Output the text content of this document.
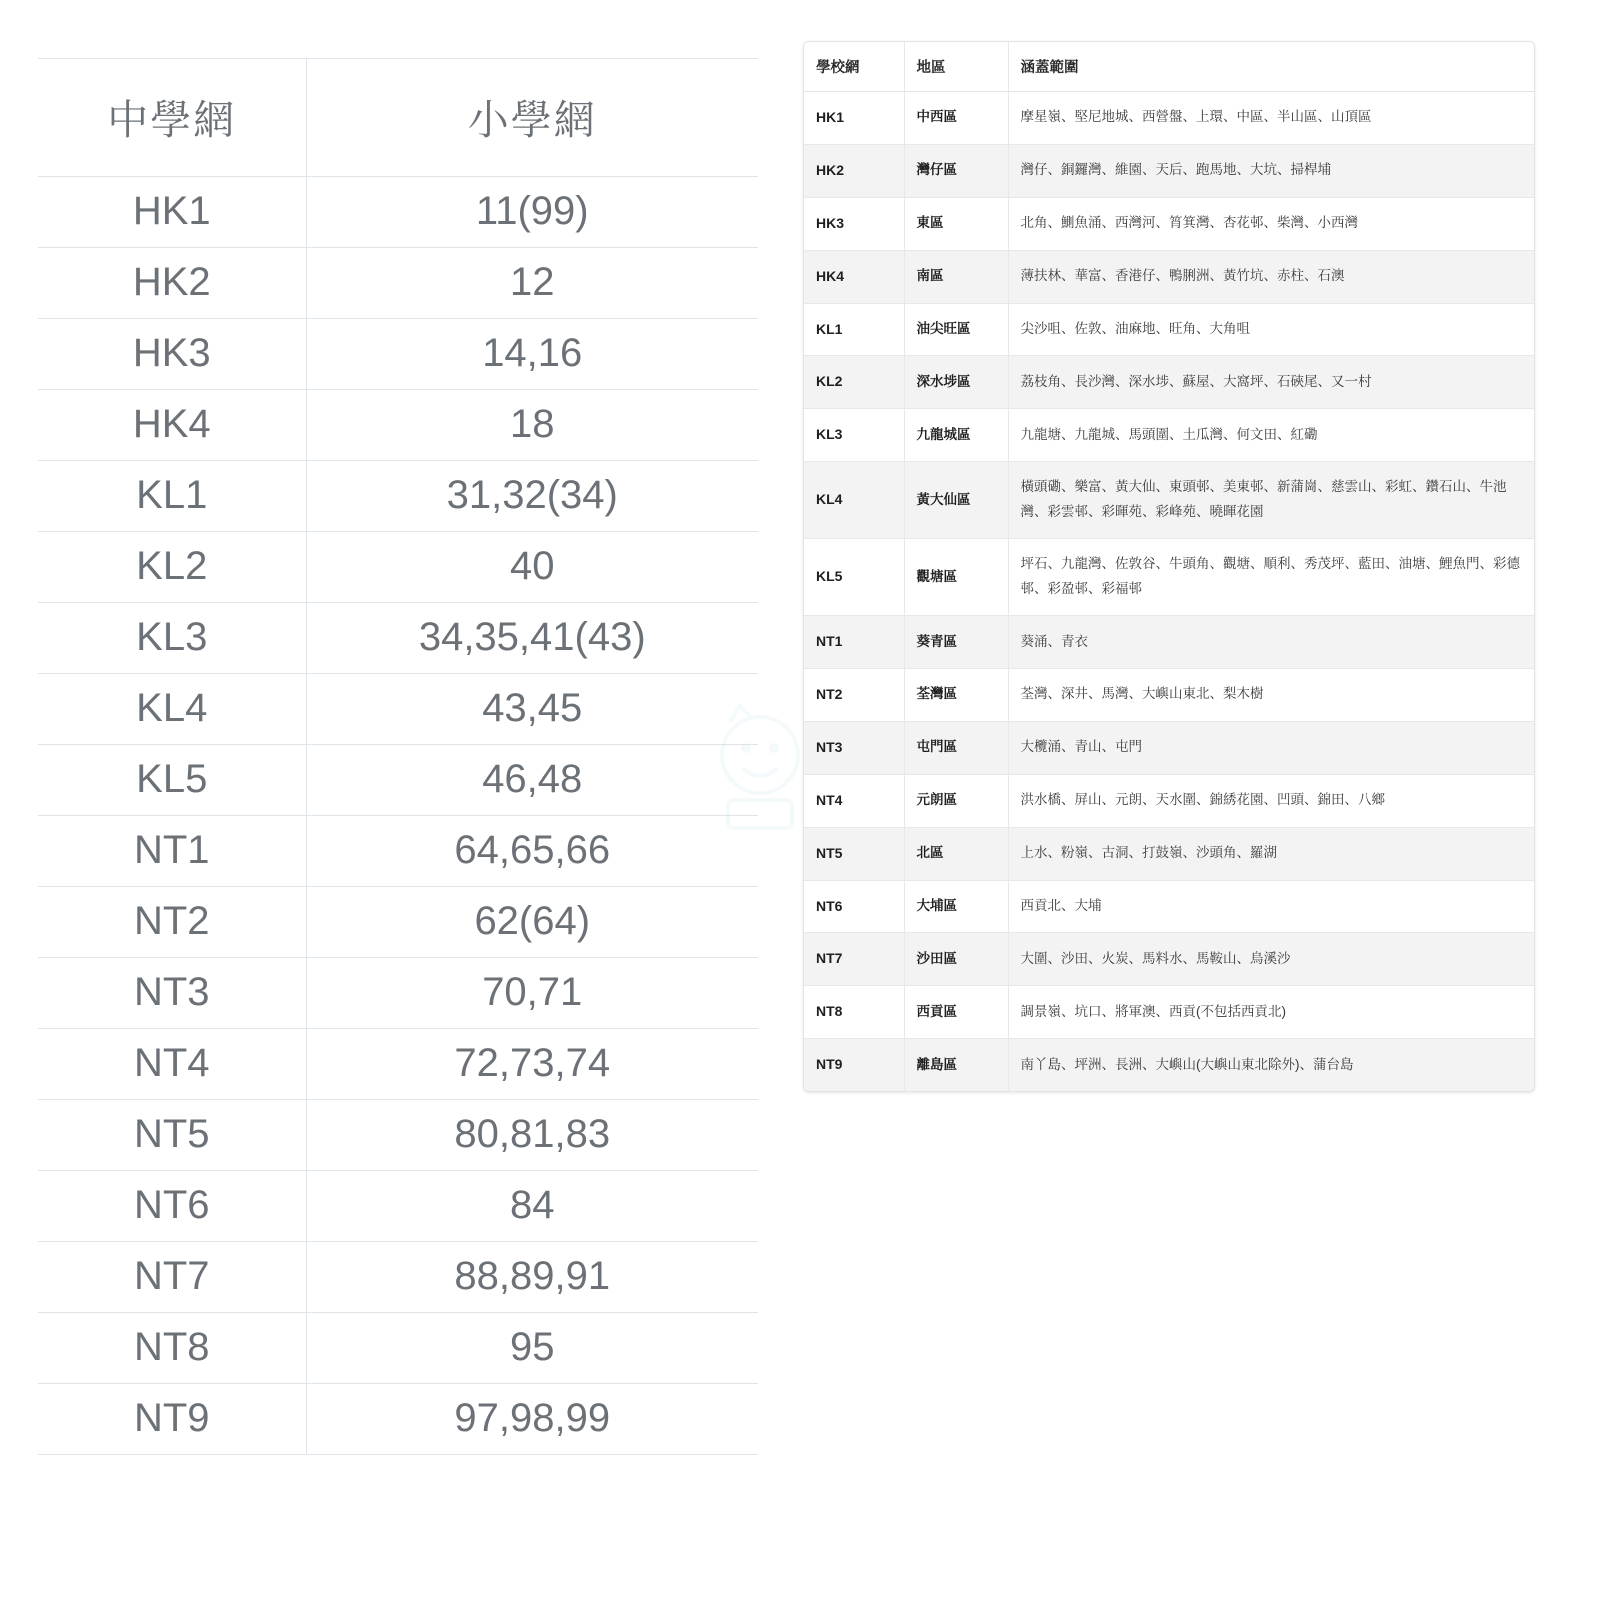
中學網	小學網
HK1	11(99)
HK2	12
HK3	14,16
HK4	18
KL1	31,32(34)
KL2	40
KL3	34,35,41(43)
KL4	43,45
KL5	46,48
NT1	64,65,66
NT2	62(64)
NT3	70,71
NT4	72,73,74
NT5	80,81,83
NT6	84
NT7	88,89,91
NT8	95
NT9	97,98,99
學校網	地區	涵蓋範圍
HK1	中西區	摩星嶺、堅尼地城、西營盤、上環、中區、半山區、山頂區
HK2	灣仔區	灣仔、銅鑼灣、維園、天后、跑馬地、大坑、掃桿埔
HK3	東區	北角、鰂魚涌、西灣河、筲箕灣、杏花邨、柴灣、小西灣
HK4	南區	薄扶林、華富、香港仔、鴨脷洲、黃竹坑、赤柱、石澳
KL1	油尖旺區	尖沙咀、佐敦、油麻地、旺角、大角咀
KL2	深水埗區	荔枝角、長沙灣、深水埗、蘇屋、大窩坪、石硤尾、又一村
KL3	九龍城區	九龍塘、九龍城、馬頭圍、土瓜灣、何文田、紅磡
KL4	黃大仙區	橫頭磡、樂富、黃大仙、東頭邨、美東邨、新蒲崗、慈雲山、彩虹、鑽石山、牛池灣、彩雲邨、彩暉苑、彩峰苑、曉暉花園
KL5	觀塘區	坪石、九龍灣、佐敦谷、牛頭角、觀塘、順利、秀茂坪、藍田、油塘、鯉魚門、彩德邨、彩盈邨、彩福邨
NT1	葵青區	葵涌、青衣
NT2	荃灣區	荃灣、深井、馬灣、大嶼山東北、梨木樹
NT3	屯門區	大欖涌、青山、屯門
NT4	元朗區	洪水橋、屏山、元朗、天水圍、錦綉花園、凹頭、錦田、八鄉
NT5	北區	上水、粉嶺、古洞、打鼓嶺、沙頭角、羅湖
NT6	大埔區	西貢北、大埔
NT7	沙田區	大圍、沙田、火炭、馬料水、馬鞍山、烏溪沙
NT8	西貢區	調景嶺、坑口、將軍澳、西貢(不包括西貢北)
NT9	離島區	南丫島、坪洲、長洲、大嶼山(大嶼山東北除外)、蒲台島
